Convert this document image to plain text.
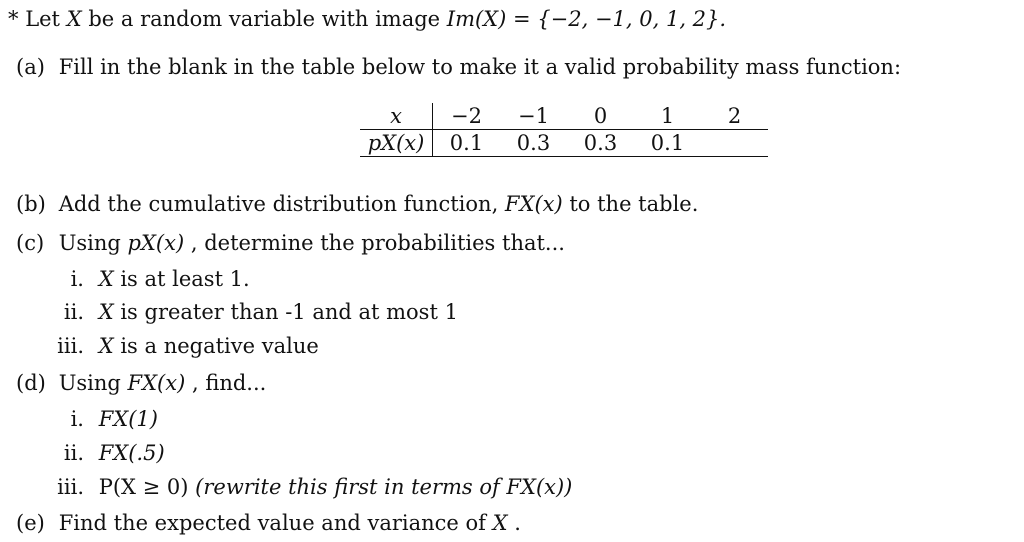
* Let X be a random variable with image Im(X) = {−2, −1, 0, 1, 2}.
(a) Fill in the blank in the table below to make it a valid probability mass function:
x	−2	−1	0	1	2
pX(x)	0.1	0.3	0.3	0.1	
(b) Add the cumulative distribution function, FX(x) to the table.
(c) Using pX(x) , determine the probabilities that...
i. X is at least 1.
ii. X is greater than -1 and at most 1
iii. X is a negative value
(d) Using FX(x) , find...
i. FX(1)
ii. FX(.5)
iii. P(X ≥ 0) (rewrite this first in terms of FX(x))
(e) Find the expected value and variance of X .
